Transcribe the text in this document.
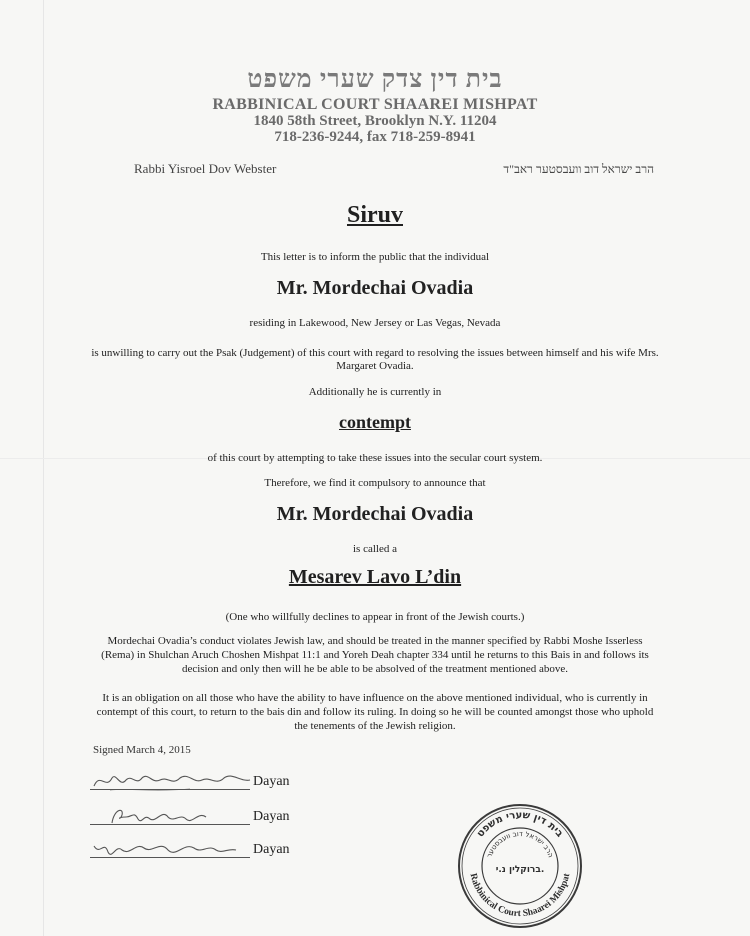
בית דין צדק שערי משפט
RABBINICAL COURT SHAAREI MISHPAT
1840 58th Street, Brooklyn N.Y. 11204
718-236-9244, fax 718-259-8941
Rabbi Yisroel Dov Webster	הרב ישראל דוב וועבסטער ראב"ד
Siruv
This letter is to inform the public that the individual
Mr. Mordechai Ovadia
residing in Lakewood, New Jersey or Las Vegas, Nevada
is unwilling to carry out the Psak (Judgement) of this court with regard to resolving the issues between himself and his wife Mrs.
Margaret Ovadia.
Additionally he is currently in
contempt
of this court by attempting to take these issues into the secular court system.
Therefore, we find it compulsory to announce that
Mr. Mordechai Ovadia
is called a
Mesarev Lavo L’din
(One who willfully declines to appear in front of the Jewish courts.)
Mordechai Ovadia’s conduct violates Jewish law, and should be treated in the manner specified by Rabbi Moshe Isserless
(Rema) in Shulchan Aruch Choshen Mishpat 11:1 and Yoreh Deah chapter 334 until he returns to this Bais in and follows its
decision and only then will he be able to be absolved of the treatment mentioned above.
It is an obligation on all those who have the ability to have influence on the above mentioned individual, who is currently in
contempt of this court, to return to the bais din and follow its ruling. In doing so he will be counted amongst those who uphold
the tenements of the Jewish religion.
Signed March 4, 2015
Dayan
Dayan
Dayan
בית דין שערי משפט
Rabbinical Court Shaarei Mishpat
הרב ישראל דוב וועבסטער
ברוקלין נ.י.
